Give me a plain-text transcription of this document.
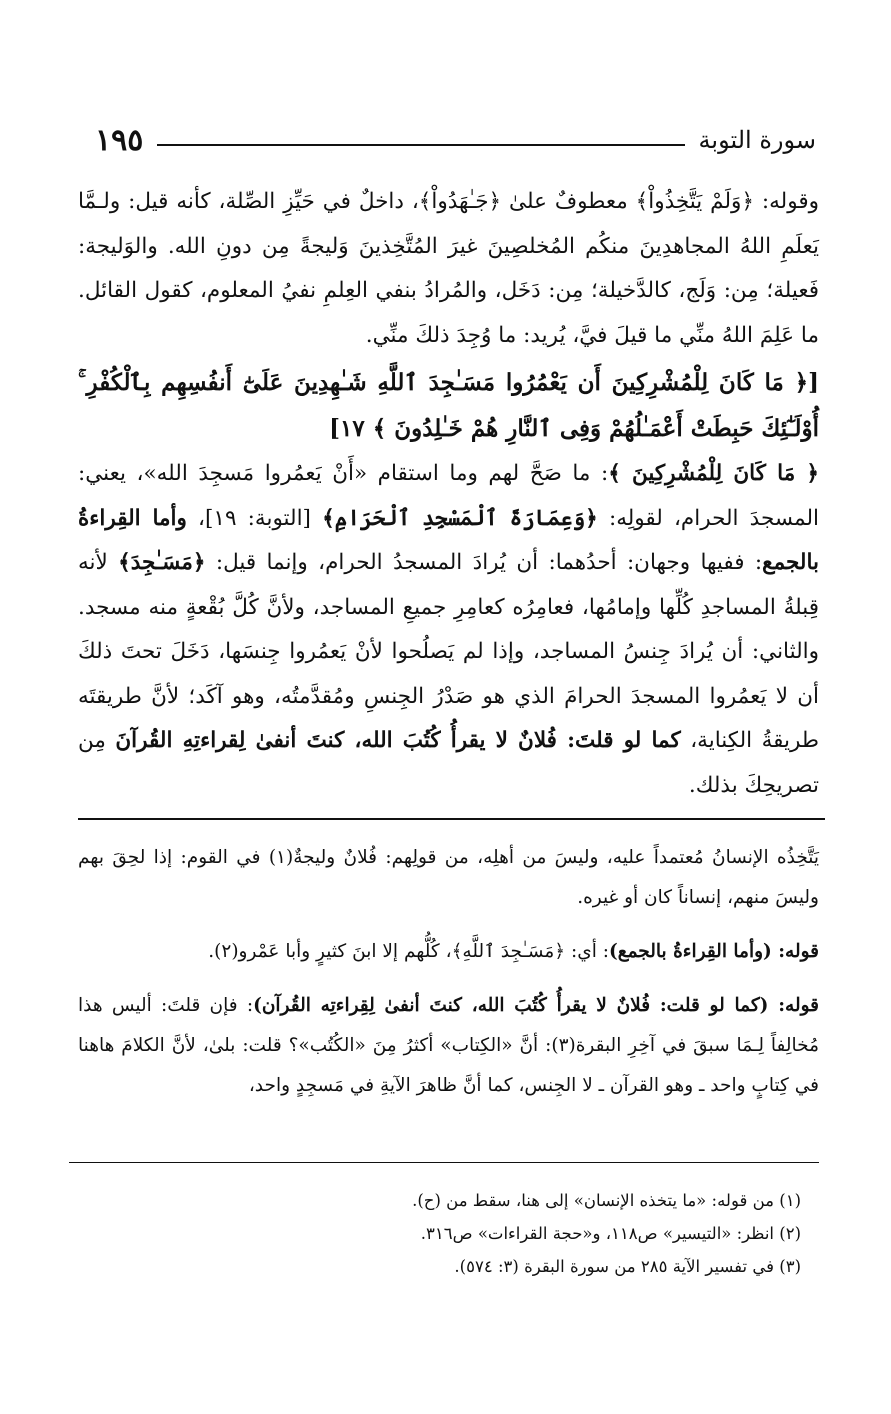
سورة التوبة
١٩٥

وقوله: ﴿وَلَمْ يَتَّخِذُواْ﴾ معطوفٌ علىٰ ﴿جَـٰهَدُواْ﴾، داخلٌ في حَيِّزِ الصِّلة، كأنه قيل: ولـمَّا يَعلَمِ اللهُ المجاهدِينَ منكُم المُخلصِينَ غيرَ المُتَّخِذينَ وَليجةً مِن دونِ الله. والوَليجة: فَعيلة؛ مِن: وَلَج، كالدَّخيلة؛ مِن: دَخَل، والمُرادُ بنفي العِلمِ نفيُ المعلوم، كقول القائل. ما عَلِمَ اللهُ منِّي ما قيلَ فيَّ، يُريد: ما وُجِدَ ذلكَ منِّي.

[﴿ مَا كَانَ لِلْمُشْرِكِينَ أَن يَعْمُرُوا مَسَـٰجِدَ ٱللَّهِ شَـٰهِدِينَ عَلَىٰٓ أَنفُسِهِم بِٱلْكُفْرِ ۚ أُوْلَـٰٓئِكَ حَبِطَتْ أَعْمَـٰلُهُمْ وَفِى ٱلنَّارِ هُمْ خَـٰلِدُونَ ﴾ ١٧]

﴿ مَا كَانَ لِلْمُشْرِكِينَ ﴾: ما صَحَّ لهم وما استقام «أَنْ يَعمُروا مَسجِدَ الله»، يعني: المسجدَ الحرام، لقولِه: ﴿وَعِمَارَةَ ٱلْمَسْجِدِ ٱلْحَرَامِ﴾ [التوبة: ١٩]، وأما القِراءةُ بالجمع: ففيها وجهان: أحدُهما: أن يُرادَ المسجدُ الحرام، وإنما قيل: ﴿مَسَـٰجِدَ﴾ لأنه قِبلةُ المساجدِ كُلِّها وإمامُها، فعامِرُه كعامِرِ جميعِ المساجد، ولأنَّ كُلَّ بُقْعةٍ منه مسجد. والثاني: أن يُرادَ جِنسُ المساجد، وإذا لم يَصلُحوا لأنْ يَعمُروا جِنسَها، دَخَلَ تحتَ ذلكَ أن لا يَعمُروا المسجدَ الحرامَ الذي هو صَدْرُ الجِنسِ ومُقدَّمتُه، وهو آكَد؛ لأنَّ طريقتَه طريقةُ الكِناية، كما لو قلتَ: فُلانٌ لا يقرأُ كُتُبَ الله، كنتَ أنفىٰ لِقراءتِهِ القُرآنَ مِن تصريحِكَ بذلك.

يَتَّخِذُه الإنسانُ مُعتمداً عليه، وليسَ من أهلِه، من قولِهم: فُلانٌ وليجةٌ(١) في القوم: إذا لحِقَ بهم وليسَ منهم، إنساناً كان أو غيره.

قوله: (وأما القِراءةُ بالجمع): أي: ﴿مَسَـٰجِدَ ٱللَّهِ﴾، كُلُّهم إلا ابنَ كثيرٍ وأبا عَمْرو(٢).

قوله: (كما لو قلت: فُلانٌ لا يقرأُ كُتُبَ الله، كنتَ أنفىٰ لِقِراءتِه القُرآن): فإن قلتَ: أليس هذا مُخالِفاً لِـمَا سبقَ في آخِرِ البقرة(٣): أنَّ «الكِتاب» أكثرُ مِنَ «الكُتُب»؟ قلت: بلىٰ، لأنَّ الكلامَ هاهنا في كِتابٍ واحد ـ وهو القرآن ـ لا الجِنس، كما أنَّ ظاهرَ الآيةِ في مَسجِدٍ واحد،

(١) من قوله: «ما يتخذه الإنسان» إلى هنا، سقط من (ح).

(٢) انظر: «التيسير» ص١١٨، و«حجة القراءات» ص٣١٦.

(٣) في تفسير الآية ٢٨٥ من سورة البقرة (٣: ٥٧٤).
